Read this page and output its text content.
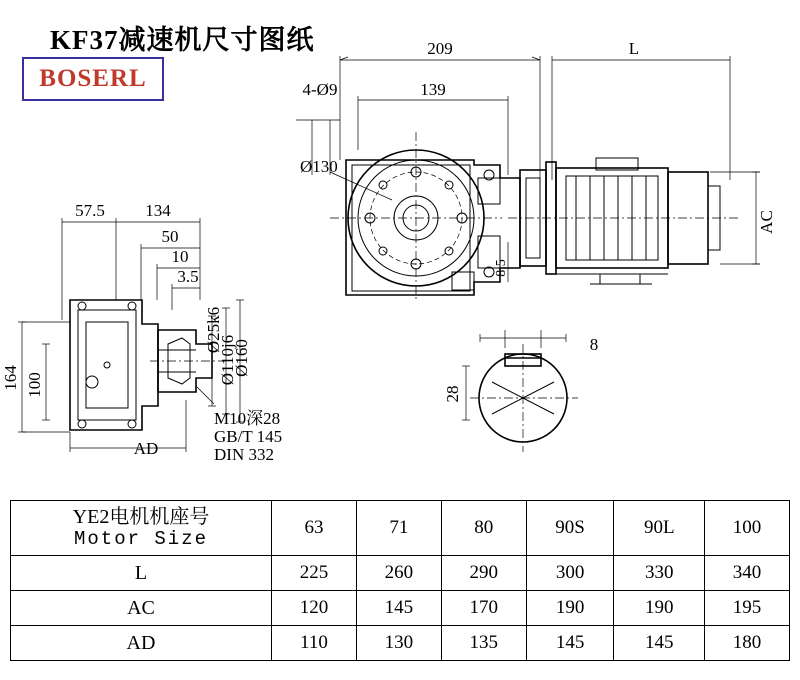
KF37减速机尺寸图纸
BOSERL
209	L
139
4-Ø9
AC
Ø130
8.5
57.5 134
50
10
3.5
Ø25k6
Ø110j6
Ø160
164 100
AD
M10深28
GB/T 145
DIN 332
8
28
YE2电机机座号
Motor Size	63	71	80	90S	90L	100
L	225	260	290	300	330	340
AC	120	145	170	190	190	195
AD	110	130	135	145	145	180
